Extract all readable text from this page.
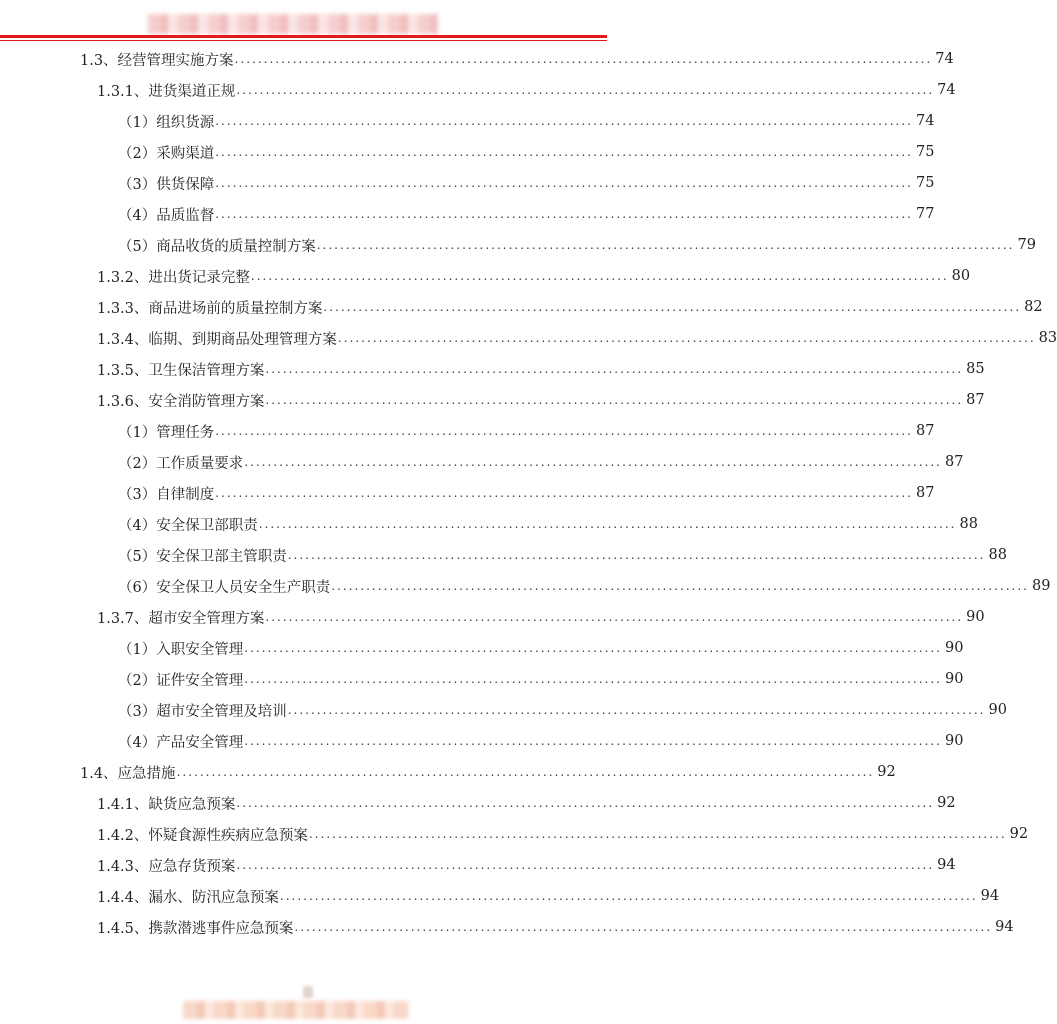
1.3、经营管理实施方案 ........................................................................................................................ 74
1.3.1、进货渠道正规 ........................................................................................................................ 74
（1）组织货源 ........................................................................................................................ 74
（2）采购渠道 ........................................................................................................................ 75
（3）供货保障 ........................................................................................................................ 75
（4）品质监督 ........................................................................................................................ 77
（5）商品收货的质量控制方案 ........................................................................................................................ 79
1.3.2、进出货记录完整 ........................................................................................................................ 80
1.3.3、商品进场前的质量控制方案 ........................................................................................................................ 82
1.3.4、临期、到期商品处理管理方案 ........................................................................................................................ 83
1.3.5、卫生保洁管理方案 ........................................................................................................................ 85
1.3.6、安全消防管理方案 ........................................................................................................................ 87
（1）管理任务 ........................................................................................................................ 87
（2）工作质量要求 ........................................................................................................................ 87
（3）自律制度 ........................................................................................................................ 87
（4）安全保卫部职责 ........................................................................................................................ 88
（5）安全保卫部主管职责 ........................................................................................................................ 88
（6）安全保卫人员安全生产职责 ........................................................................................................................ 89
1.3.7、超市安全管理方案 ........................................................................................................................ 90
（1）入职安全管理 ........................................................................................................................ 90
（2）证件安全管理 ........................................................................................................................ 90
（3）超市安全管理及培训 ........................................................................................................................ 90
（4）产品安全管理 ........................................................................................................................ 90
1.4、应急措施 ........................................................................................................................ 92
1.4.1、缺货应急预案 ........................................................................................................................ 92
1.4.2、怀疑食源性疾病应急预案 ........................................................................................................................ 92
1.4.3、应急存货预案 ........................................................................................................................ 94
1.4.4、漏水、防汛应急预案 ........................................................................................................................ 94
1.4.5、携款潜逃事件应急预案 ........................................................................................................................ 94
